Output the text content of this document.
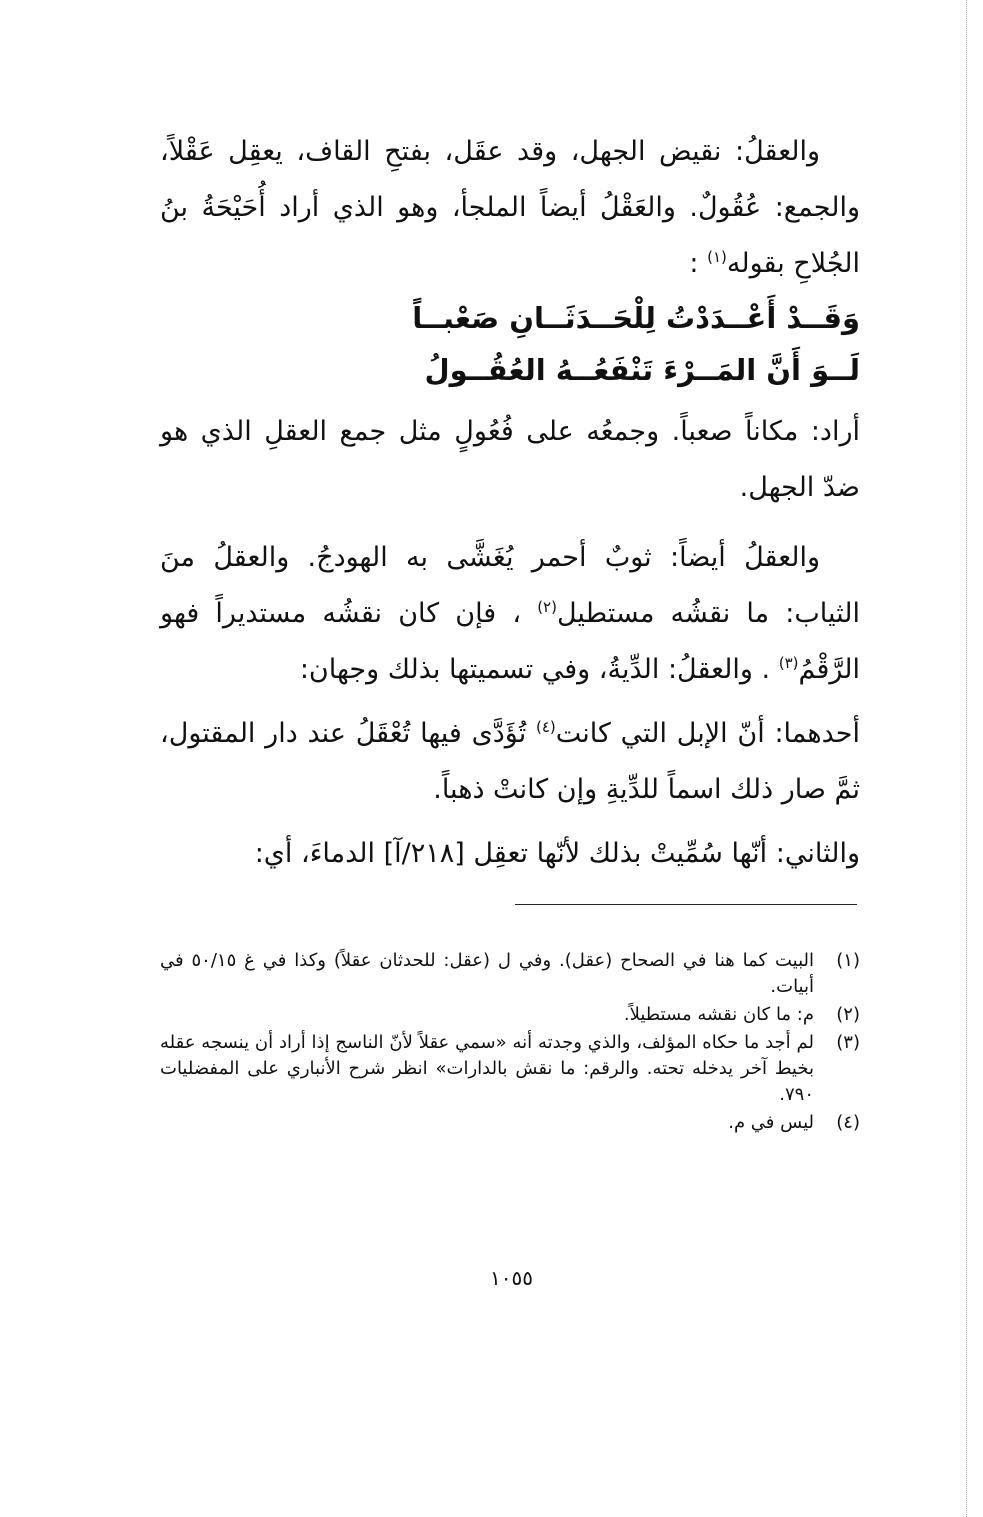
والعقلُ: نقيض الجهل، وقد عقَل، بفتحِ القاف، يعقِل عَقْلاً، والجمع: عُقُولٌ. والعَقْلُ أيضاً الملجأ، وهو الذي أراد أُحَيْحَةُ بنُ الجُلاحِ بقوله$^{(١)}$ :

وَقَــدْ أَعْــدَدْتُ لِلْحَــدَثَــانِ صَعْبــاً

لَــوَ أَنَّ المَــرْءَ تَنْفَعُــهُ العُقُــولُ

أراد: مكاناً صعباً. وجمعُه على فُعُولٍ مثل جمع العقلِ الذي هو ضدّ الجهل.

والعقلُ أيضاً: ثوبٌ أحمر يُغَشَّى به الهودجُ. والعقلُ منَ الثياب: ما نقشُه مستطيل$^{(٢)}$ ، فإن كان نقشُه مستديراً فهو الرَّقْمُ$^{(٣)}$ . والعقلُ: الدِّيةُ، وفي تسميتها بذلك وجهان:

أحدهما: أنّ الإبل التي كانت$^{(٤)}$ تُؤَدَّى فيها تُعْقَلُ عند دار المقتول، ثمَّ صار ذلك اسماً للدِّيةِ وإن كانتْ ذهباً.

والثاني: أنّها سُمِّيتْ بذلك لأنّها تعقِل [٢١٨/آ] الدماءَ، أي:

(١)
البيت كما هنا في الصحاح (عقل). وفي ل (عقل: للحدثان عقلاً) وكذا في غ ٥٠/١٥ في أبيات.
(٢)
م: ما كان نقشه مستطيلاً.
(٣)
لم أجد ما حكاه المؤلف، والذي وجدته أنه «سمي عقلاً لأنّ الناسج إذا أراد أن ينسجه عقله بخيط آخر يدخله تحته. والرقم: ما نقش بالدارات» انظر شرح الأنباري على المفضليات ٧٩٠.
(٤)
ليس في م.
١٠٥٥
